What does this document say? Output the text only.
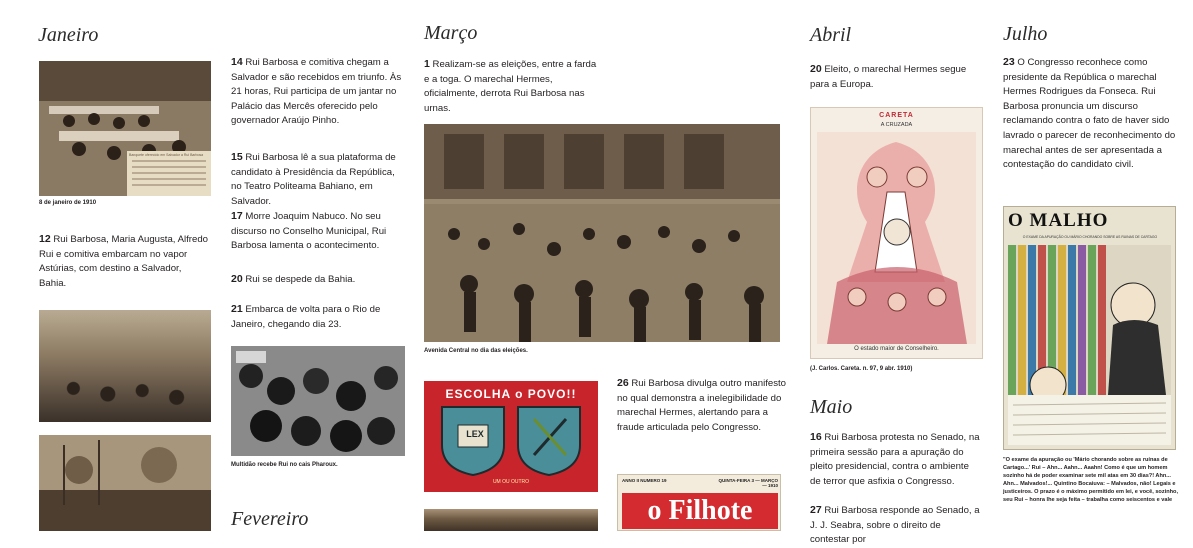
Janeiro
Banquete oferecido em Salvador a Rui Barbosa
8 de janeiro de 1910
12 Rui Barbosa, Maria Augusta, Alfredo Rui e comitiva embarcam no vapor Astúrias, com destino a Salvador, Bahia.
14 Rui Barbosa e comitiva chegam a Salvador e são recebidos em triunfo. Às 21 horas, Rui participa de um jantar no Palácio das Mercês oferecido pelo governador Araújo Pinho.
15 Rui Barbosa lê a sua plataforma de candidato à Presidência da República, no Teatro Politeama Bahiano, em Salvador.
17 Morre Joaquim Nabuco. No seu discurso no Conselho Municipal, Rui Barbosa lamenta o acontecimento.
20 Rui se despede da Bahia.
21 Embarca de volta para o Rio de Janeiro, chegando dia 23.
Multidão recebe Rui no cais Pharoux.
Fevereiro
Março
1 Realizam-se as eleições, entre a farda e a toga. O marechal Hermes, oficialmente, derrota Rui Barbosa nas urnas.
Avenida Central no dia das eleições.
ESCOLHA o POVO!!
LEX
UM OU OUTRO
26 Rui Barbosa divulga outro manifesto no qual demonstra a inelegibilidade do marechal Hermes, alertando para a fraude articulada pelo Congresso.
ANNO II NUMERO 19	QUINTA-FEIRA 3 — MARÇO — 1910
o Filhote
Abril
20 Eleito, o marechal Hermes segue para a Europa.
CARETA
A CRUZADA
O estado maior de Conselheiro.
(J. Carlos. Careta. n. 97, 9 abr. 1910)
Maio
16 Rui Barbosa protesta no Senado, na primeira sessão para a apuração do pleito presidencial, contra o ambiente de terror que asfixia o Congresso.
27 Rui Barbosa responde ao Senado, a J. J. Seabra, sobre o direito de contestar por
Julho
23 O Congresso reconhece como presidente da República o marechal Hermes Rodrigues da Fonseca. Rui Barbosa pronuncia um discurso reclamando contra o fato de haver sido lavrado o parecer de reconhecimento do marechal antes de ser apresentada a contestação do candidato civil.
O MALHO
O EXAME DA APURAÇÃO OU MÁRIO CHORANDO SOBRE AS RUINAS DE CARTAGO
"O exame da apuração ou 'Mário chorando sobre as ruínas de Cartago...' Rui – Ahn... Aahn... Aaahn! Como é que um homem sozinho há de poder examinar sete mil atas em 30 dias?! Ahn... Ahn... Malvados!... Quintino Bocaiuva: – Malvados, não! Legais e justiceiros. O prazo é o máximo permitido em lei, e você, sozinho, seu Rui – honra lhe seja feita – trabalha como seiscentos e vale
